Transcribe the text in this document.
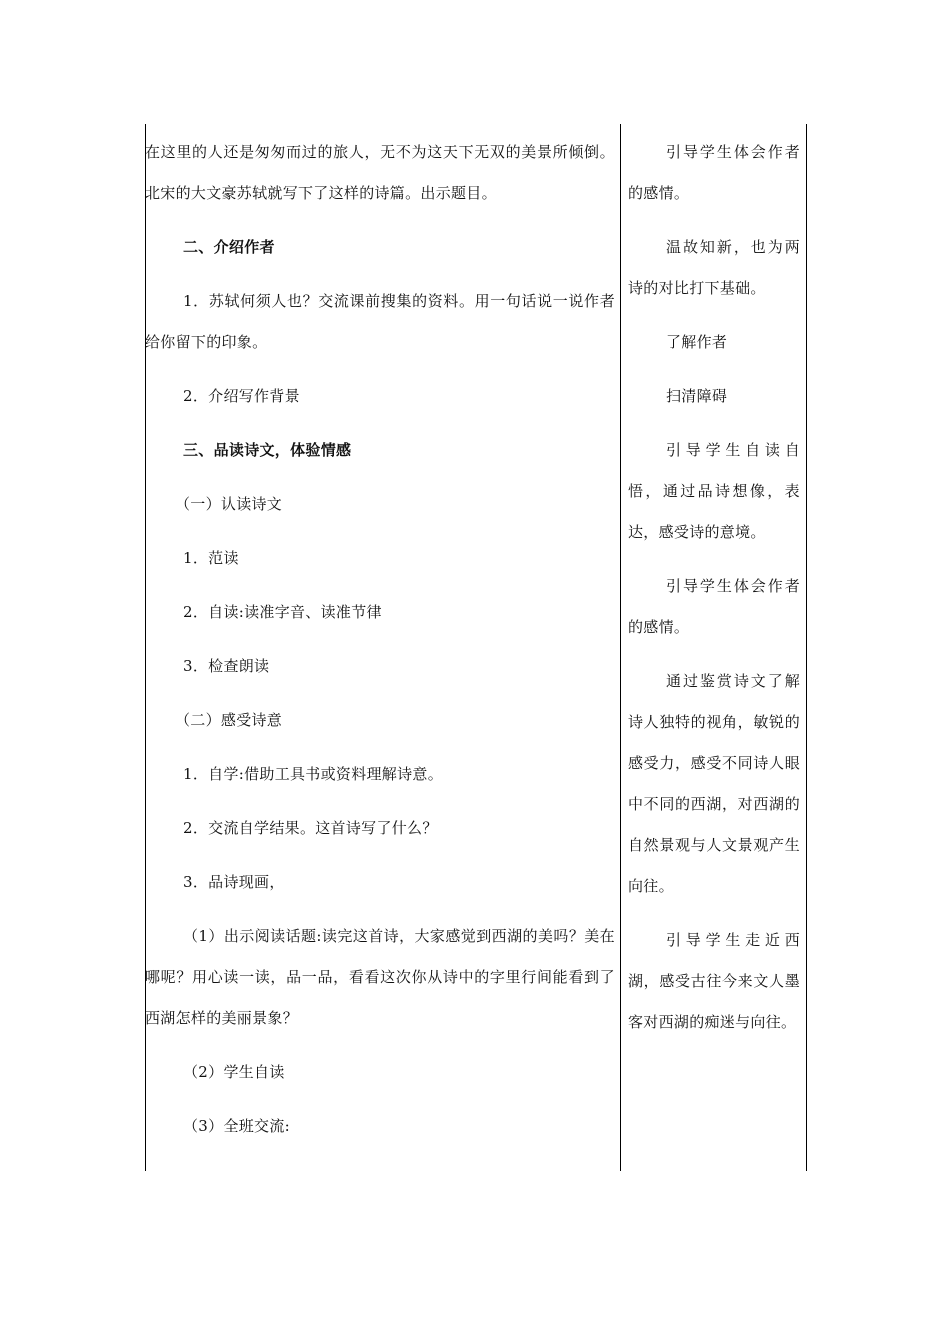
在这里的人还是匆匆而过的旅人，无不为这天下无双的美景所倾倒。北宋的大文豪苏轼就写下了这样的诗篇。出示题目。

二、介绍作者

1．苏轼何须人也？交流课前搜集的资料。用一句话说一说作者给你留下的印象。

2．介绍写作背景

三、品读诗文，体验情感

（一）认读诗文

1．范读

2．自读:读准字音、读准节律

3．检查朗读

（二）感受诗意

1．自学:借助工具书或资料理解诗意。

2．交流自学结果。这首诗写了什么？

3．品诗现画，

（1）出示阅读话题:读完这首诗，大家感觉到西湖的美吗？美在哪呢？用心读一读，品一品，看看这次你从诗中的字里行间能看到了西湖怎样的美丽景象？

（2）学生自读

（3）全班交流:

引导学生体会作者的感情。

温故知新，也为两诗的对比打下基础。

了解作者

扫清障碍

引导学生自读自悟，通过品诗想像，表达，感受诗的意境。

引导学生体会作者的感情。

通过鉴赏诗文了解诗人独特的视角，敏锐的感受力，感受不同诗人眼中不同的西湖，对西湖的自然景观与人文景观产生向往。

引导学生走近西湖，感受古往今来文人墨客对西湖的痴迷与向往。
